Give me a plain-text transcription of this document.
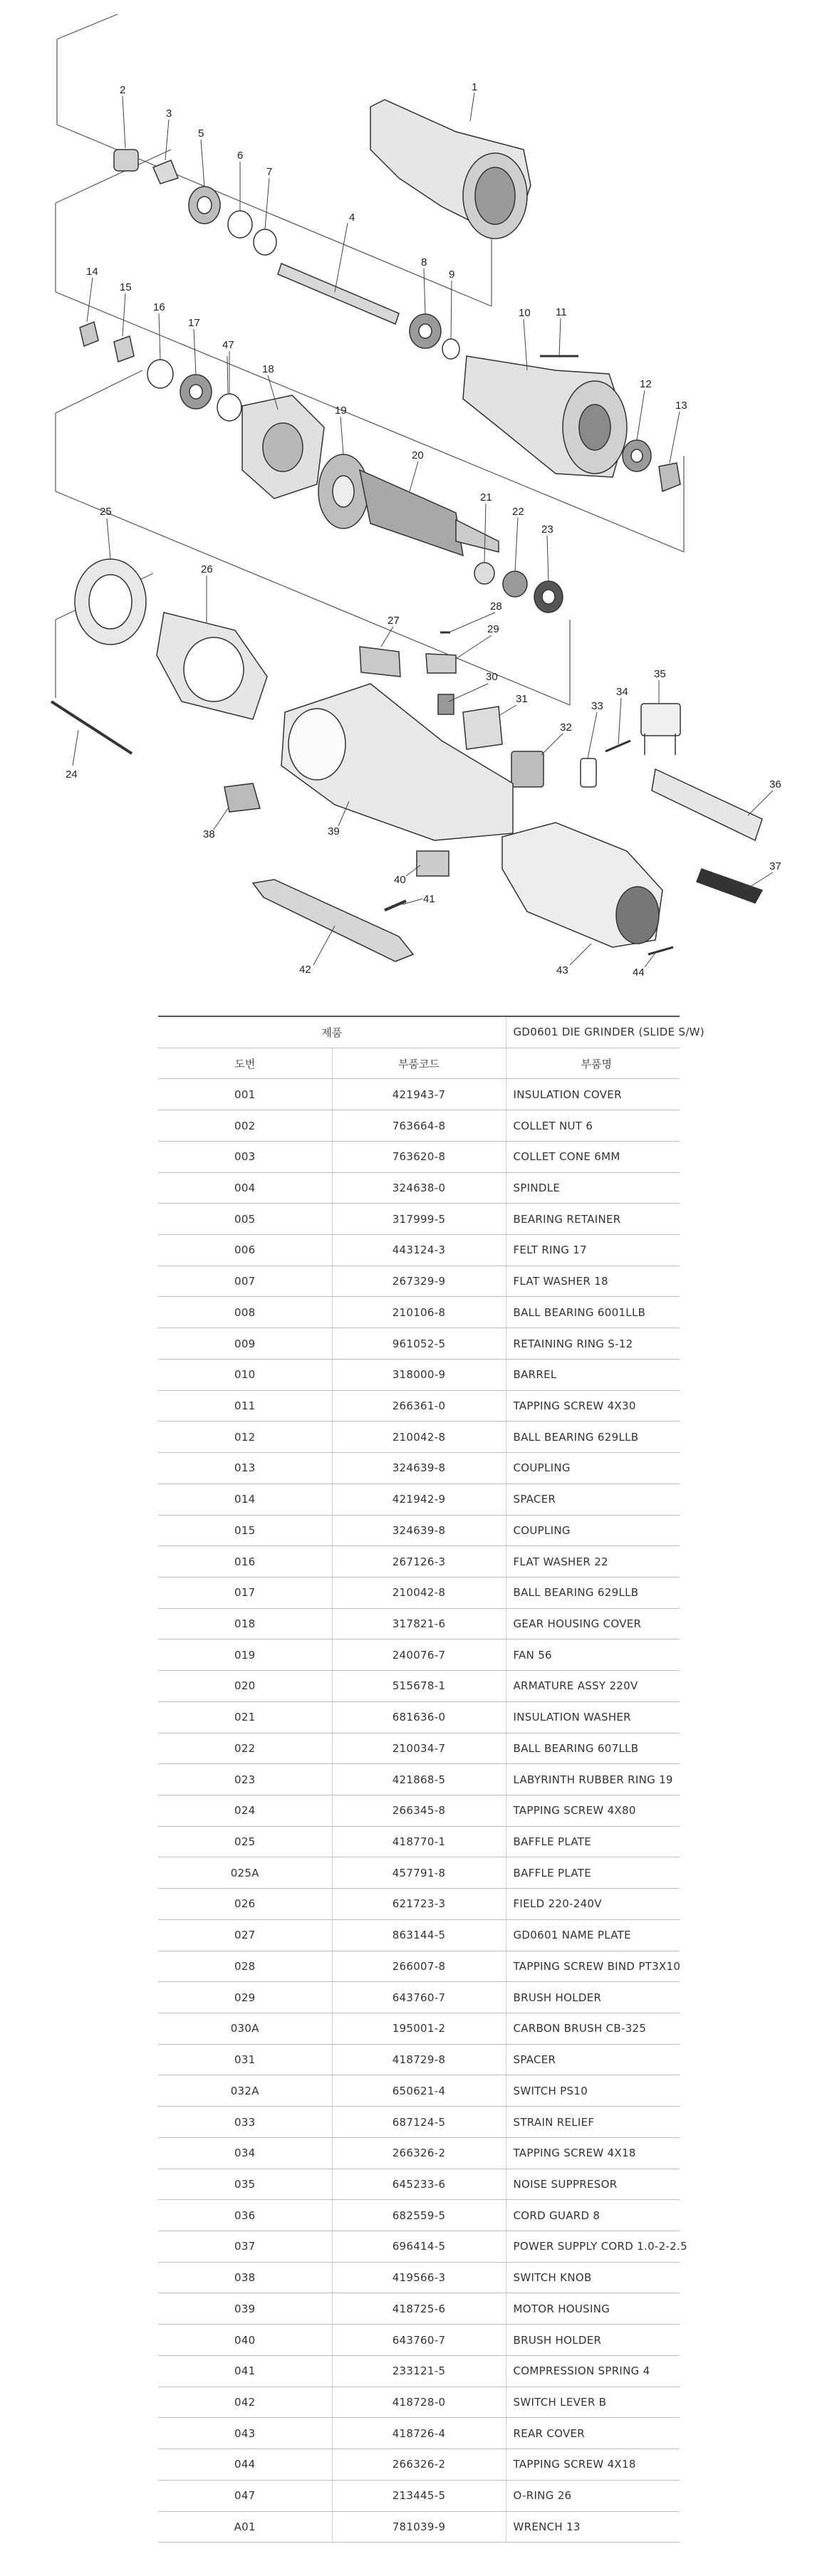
1
2
3
5
6
7
4
8
9
10 11
12
13
14
15
16
17
47
18
19
20
21
22
23
25
26
24
27
28
29
30
31
32
33
34
35
36
37
38	39
40
41
42	43	44
제품		GD0601 DIE GRINDER (SLIDE S/W)
도번	부품코드	부품명
001	421943-7	INSULATION COVER
002	763664-8	COLLET NUT 6
003	763620-8	COLLET CONE 6MM
004	324638-0	SPINDLE
005	317999-5	BEARING RETAINER
006	443124-3	FELT RING 17
007	267329-9	FLAT WASHER 18
008	210106-8	BALL BEARING 6001LLB
009	961052-5	RETAINING RING S-12
010	318000-9	BARREL
011	266361-0	TAPPING SCREW 4X30
012	210042-8	BALL BEARING 629LLB
013	324639-8	COUPLING
014	421942-9	SPACER
015	324639-8	COUPLING
016	267126-3	FLAT WASHER 22
017	210042-8	BALL BEARING 629LLB
018	317821-6	GEAR HOUSING COVER
019	240076-7	FAN 56
020	515678-1	ARMATURE ASSY 220V
021	681636-0	INSULATION WASHER
022	210034-7	BALL BEARING 607LLB
023	421868-5	LABYRINTH RUBBER RING 19
024	266345-8	TAPPING SCREW 4X80
025	418770-1	BAFFLE PLATE
025A	457791-8	BAFFLE PLATE
026	621723-3	FIELD 220-240V
027	863144-5	GD0601 NAME PLATE
028	266007-8	TAPPING SCREW BIND PT3X10
029	643760-7	BRUSH HOLDER
030A	195001-2	CARBON BRUSH CB-325
031	418729-8	SPACER
032A	650621-4	SWITCH PS10
033	687124-5	STRAIN RELIEF
034	266326-2	TAPPING SCREW 4X18
035	645233-6	NOISE SUPPRESOR
036	682559-5	CORD GUARD 8
037	696414-5	POWER SUPPLY CORD 1.0-2-2.5
038	419566-3	SWITCH KNOB
039	418725-6	MOTOR HOUSING
040	643760-7	BRUSH HOLDER
041	233121-5	COMPRESSION SPRING 4
042	418728-0	SWITCH LEVER B
043	418726-4	REAR COVER
044	266326-2	TAPPING SCREW 4X18
047	213445-5	O-RING 26
A01	781039-9	WRENCH 13
